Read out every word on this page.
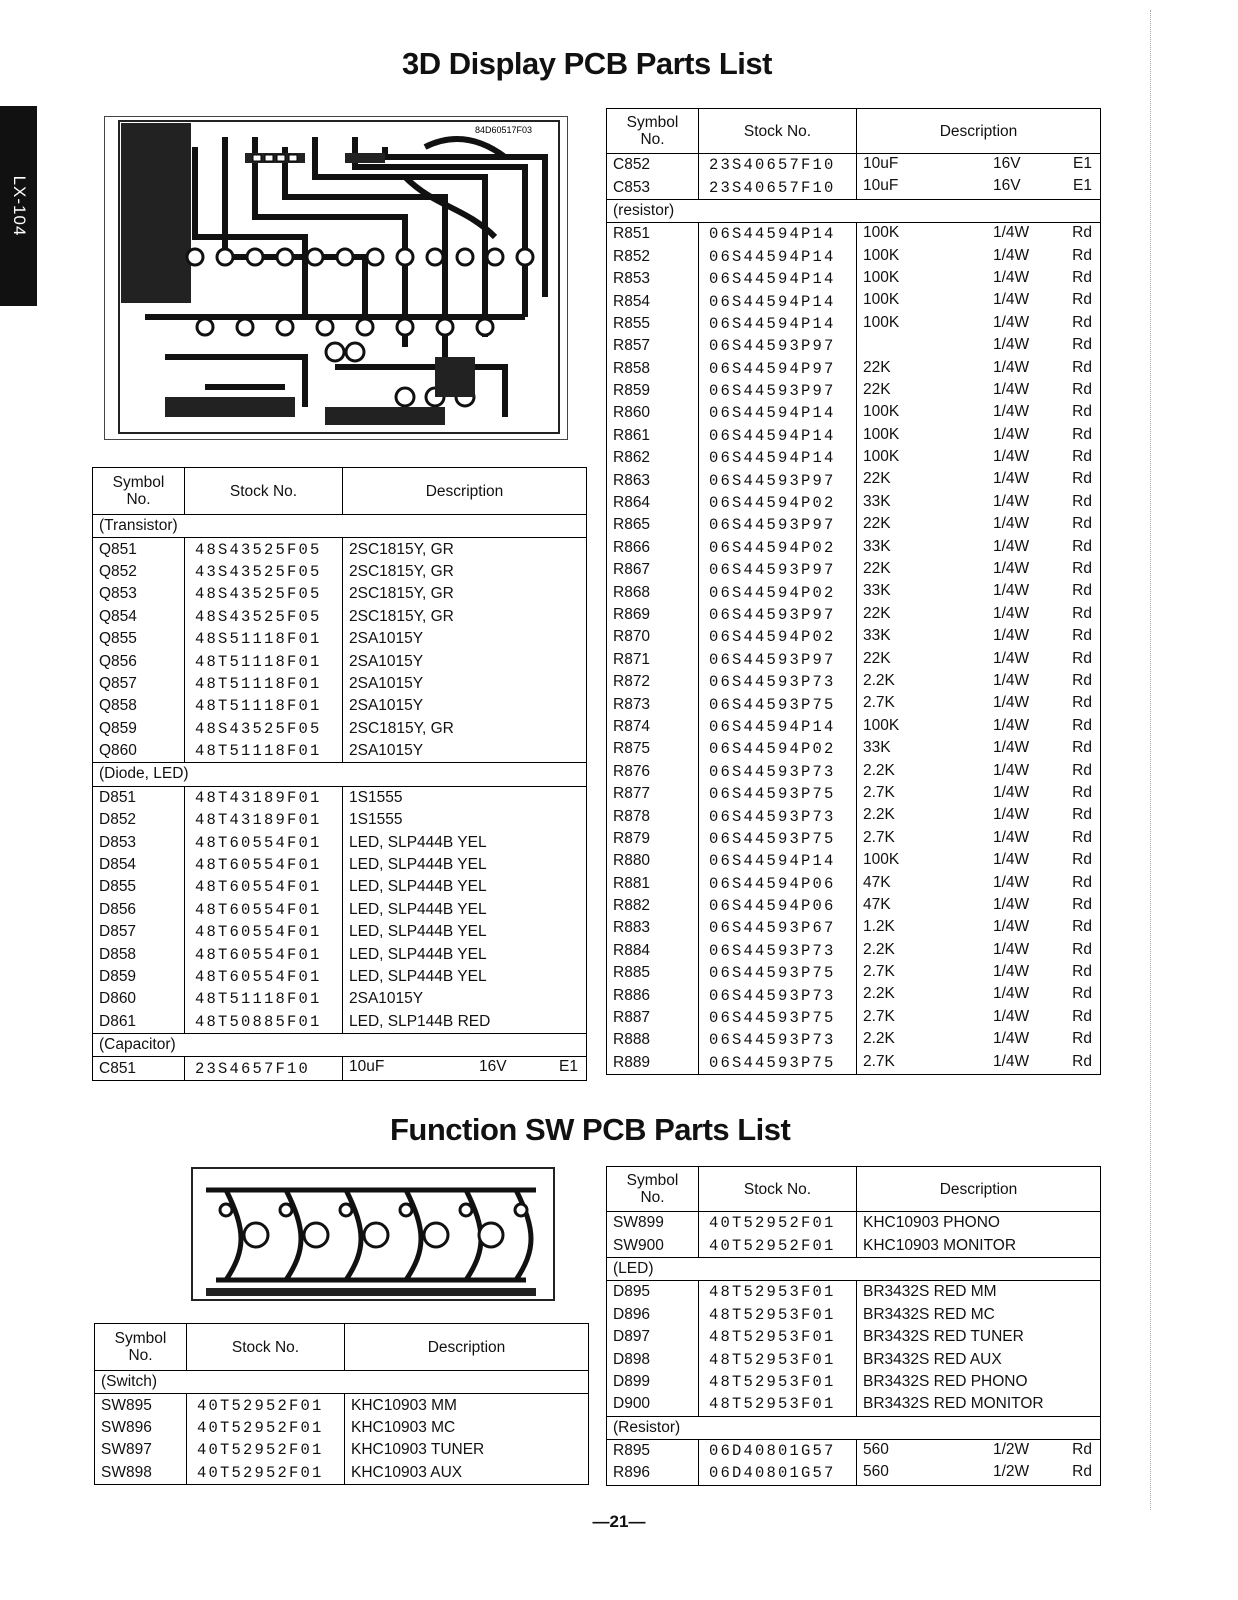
LX-104
3D Display PCB Parts List
Function SW PCB Parts List
84D60517F03
Symbol
No.	Stock No.	Description
(Transistor)		
Q851	48S43525F05	2SC1815Y, GR
Q852	43S43525F05	2SC1815Y, GR
Q853	48S43525F05	2SC1815Y, GR
Q854	48S43525F05	2SC1815Y, GR
Q855	48S51118F01	2SA1015Y
Q856	48T51118F01	2SA1015Y
Q857	48T51118F01	2SA1015Y
Q858	48T51118F01	2SA1015Y
Q859	48S43525F05	2SC1815Y, GR
Q860	48T51118F01	2SA1015Y
(Diode, LED)		
D851	48T43189F01	1S1555
D852	48T43189F01	1S1555
D853	48T60554F01	LED, SLP444B YEL
D854	48T60554F01	LED, SLP444B YEL
D855	48T60554F01	LED, SLP444B YEL
D856	48T60554F01	LED, SLP444B YEL
D857	48T60554F01	LED, SLP444B YEL
D858	48T60554F01	LED, SLP444B YEL
D859	48T60554F01	LED, SLP444B YEL
D860	48T51118F01	2SA1015Y
D861	48T50885F01	LED, SLP144B RED
(Capacitor)		
C851	23S4657F10	10uF 16V E1
Symbol
No.	Stock No.	Description
C852	23S40657F10	10uF 16V E1

C853	23S40657F10	10uF 16V E1

(resistor)		
R851	06S44594P14	100K 1/4W Rd

R852	06S44594P14	100K 1/4W Rd

R853	06S44594P14	100K 1/4W Rd

R854	06S44594P14	100K 1/4W Rd

R855	06S44594P14	100K 1/4W Rd

R857	06S44593P97	1/4W Rd

R858	06S44594P97	22K 1/4W Rd

R859	06S44593P97	22K 1/4W Rd

R860	06S44594P14	100K 1/4W Rd

R861	06S44594P14	100K 1/4W Rd

R862	06S44594P14	100K 1/4W Rd

R863	06S44593P97	22K 1/4W Rd

R864	06S44594P02	33K 1/4W Rd

R865	06S44593P97	22K 1/4W Rd

R866	06S44594P02	33K 1/4W Rd

R867	06S44593P97	22K 1/4W Rd

R868	06S44594P02	33K 1/4W Rd

R869	06S44593P97	22K 1/4W Rd

R870	06S44594P02	33K 1/4W Rd

R871	06S44593P97	22K 1/4W Rd

R872	06S44593P73	2.2K 1/4W Rd

R873	06S44593P75	2.7K 1/4W Rd

R874	06S44594P14	100K 1/4W Rd

R875	06S44594P02	33K 1/4W Rd

R876	06S44593P73	2.2K 1/4W Rd

R877	06S44593P75	2.7K 1/4W Rd

R878	06S44593P73	2.2K 1/4W Rd

R879	06S44593P75	2.7K 1/4W Rd

R880	06S44594P14	100K 1/4W Rd

R881	06S44594P06	47K 1/4W Rd

R882	06S44594P06	47K 1/4W Rd

R883	06S44593P67	1.2K 1/4W Rd

R884	06S44593P73	2.2K 1/4W Rd

R885	06S44593P75	2.7K 1/4W Rd

R886	06S44593P73	2.2K 1/4W Rd

R887	06S44593P75	2.7K 1/4W Rd

R888	06S44593P73	2.2K 1/4W Rd

R889	06S44593P75	2.7K 1/4W Rd
Symbol
No.	Stock No.	Description
(Switch)		
SW895	40T52952F01	KHC10903 MM
SW896	40T52952F01	KHC10903 MC
SW897	40T52952F01	KHC10903 TUNER
SW898	40T52952F01	KHC10903 AUX
Symbol
No.	Stock No.	Description
SW899	40T52952F01	KHC10903 PHONO
SW900	40T52952F01	KHC10903 MONITOR
(LED)		
D895	48T52953F01	BR3432S RED MM
D896	48T52953F01	BR3432S RED MC
D897	48T52953F01	BR3432S RED TUNER
D898	48T52953F01	BR3432S RED AUX
D899	48T52953F01	BR3432S RED PHONO
D900	48T52953F01	BR3432S RED MONITOR
(Resistor)		
R895	06D40801G57	560 1/2W Rd

R896	06D40801G57	560 1/2W Rd
—21—
